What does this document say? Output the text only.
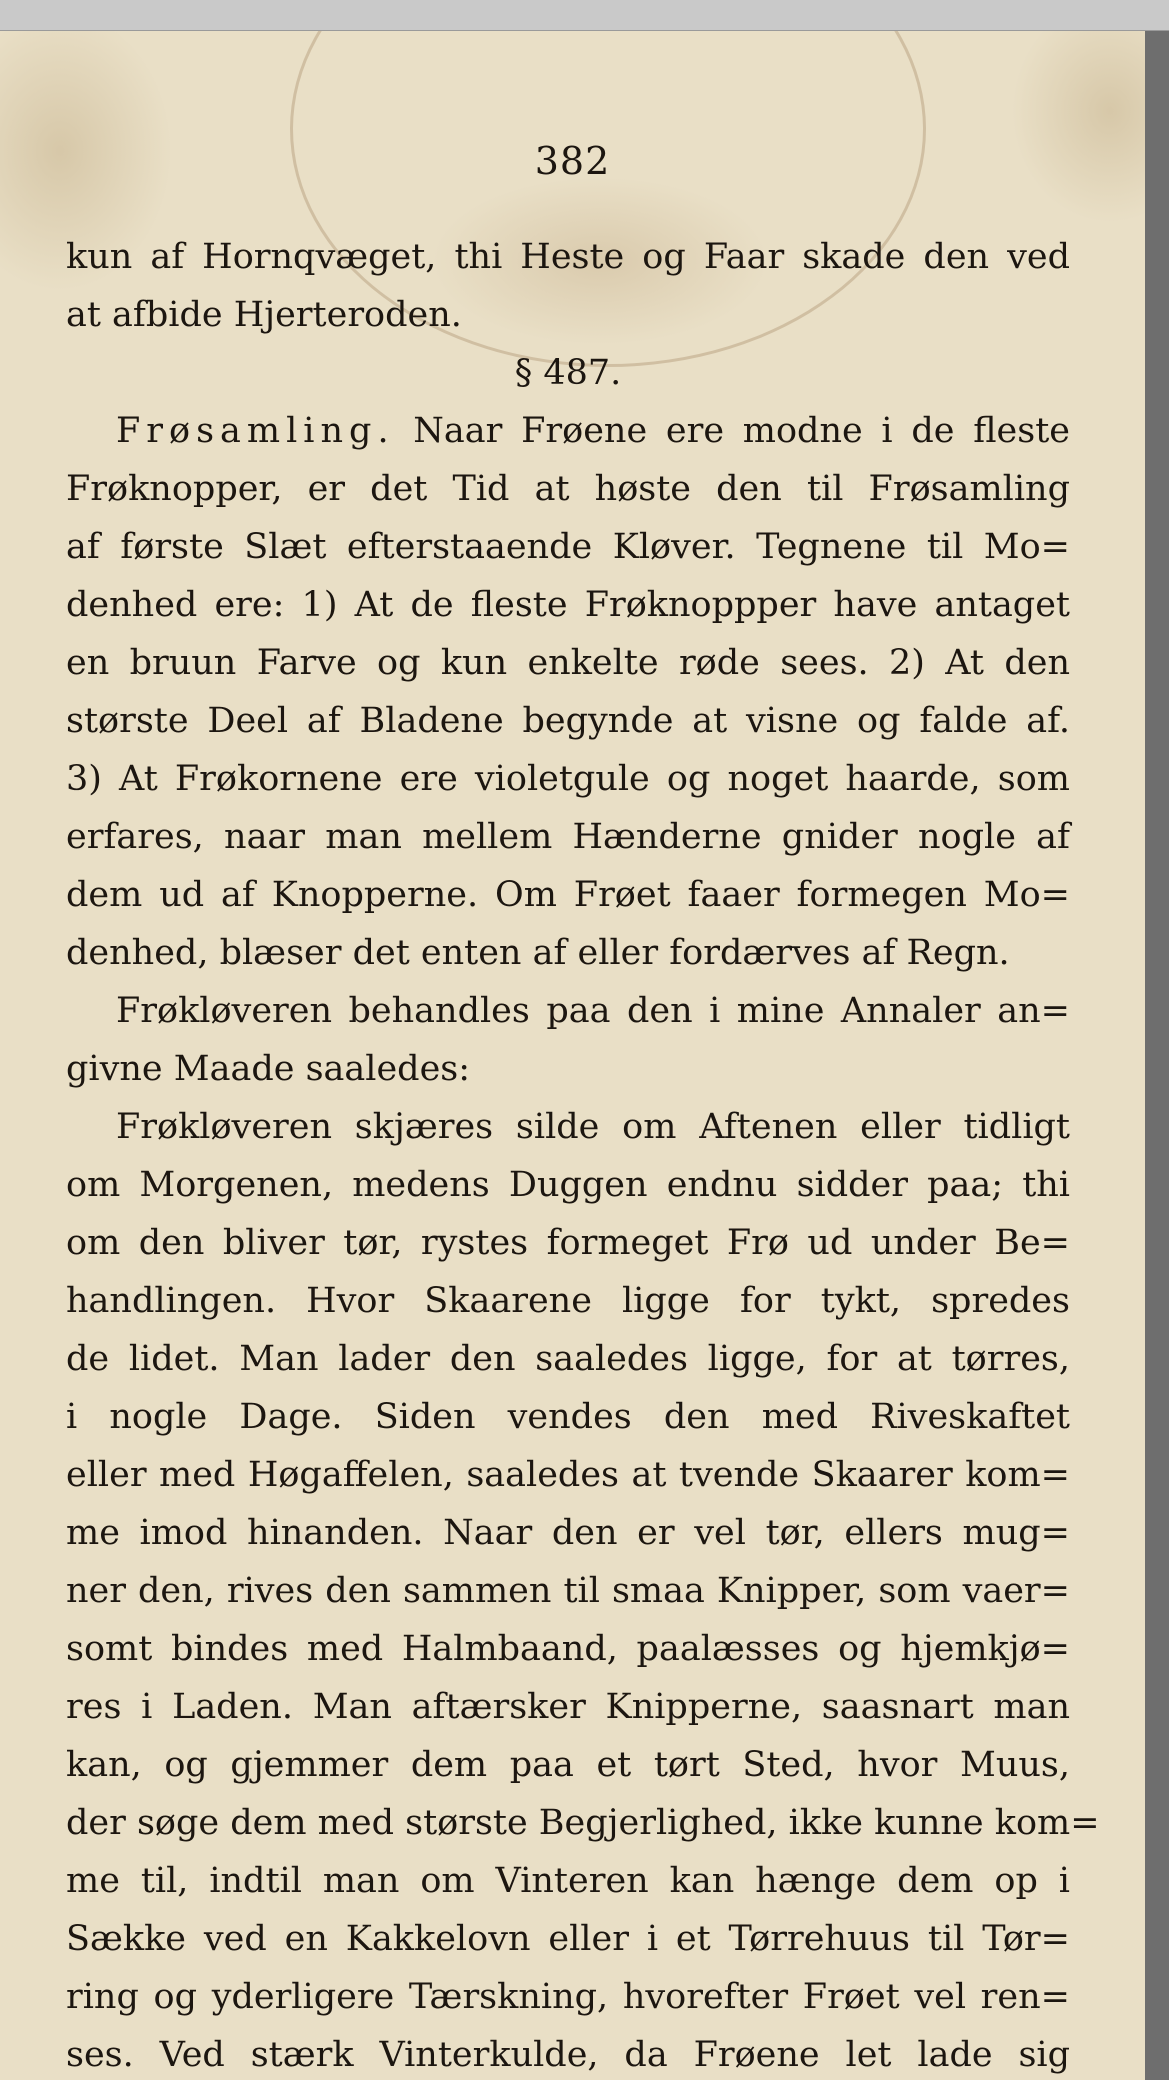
382
kun af Hornqvæget, thi Heste og Faar skade den ved
at afbide Hjerteroden.
§ 487.
Frøsamling. Naar Frøene ere modne i de fleste
Frøknopper, er det Tid at høste den til Frøsamling
af første Slæt efterstaaende Kløver. Tegnene til Mo=
denhed ere: 1) At de fleste Frøknoppper have antaget
en bruun Farve og kun enkelte røde sees. 2) At den
største Deel af Bladene begynde at visne og falde af.
3) At Frøkornene ere violetgule og noget haarde, som
erfares, naar man mellem Hænderne gnider nogle af
dem ud af Knopperne. Om Frøet faaer formegen Mo=
denhed, blæser det enten af eller fordærves af Regn.
Frøkløveren behandles paa den i mine Annaler an=
givne Maade saaledes:
Frøkløveren skjæres silde om Aftenen eller tidligt
om Morgenen, medens Duggen endnu sidder paa; thi
om den bliver tør, rystes formeget Frø ud under Be=
handlingen. Hvor Skaarene ligge for tykt, spredes
de lidet. Man lader den saaledes ligge, for at tørres,
i nogle Dage. Siden vendes den med Riveskaftet
eller med Høgaffelen, saaledes at tvende Skaarer kom=
me imod hinanden. Naar den er vel tør, ellers mug=
ner den, rives den sammen til smaa Knipper, som vaer=
somt bindes med Halmbaand, paalæsses og hjemkjø=
res i Laden. Man aftærsker Knipperne, saasnart man
kan, og gjemmer dem paa et tørt Sted, hvor Muus,
der søge dem med største Begjerlighed, ikke kunne kom=
me til, indtil man om Vinteren kan hænge dem op i
Sække ved en Kakkelovn eller i et Tørrehuus til Tør=
ring og yderligere Tærskning, hvorefter Frøet vel ren=
ses. Ved stærk Vinterkulde, da Frøene let lade sig
